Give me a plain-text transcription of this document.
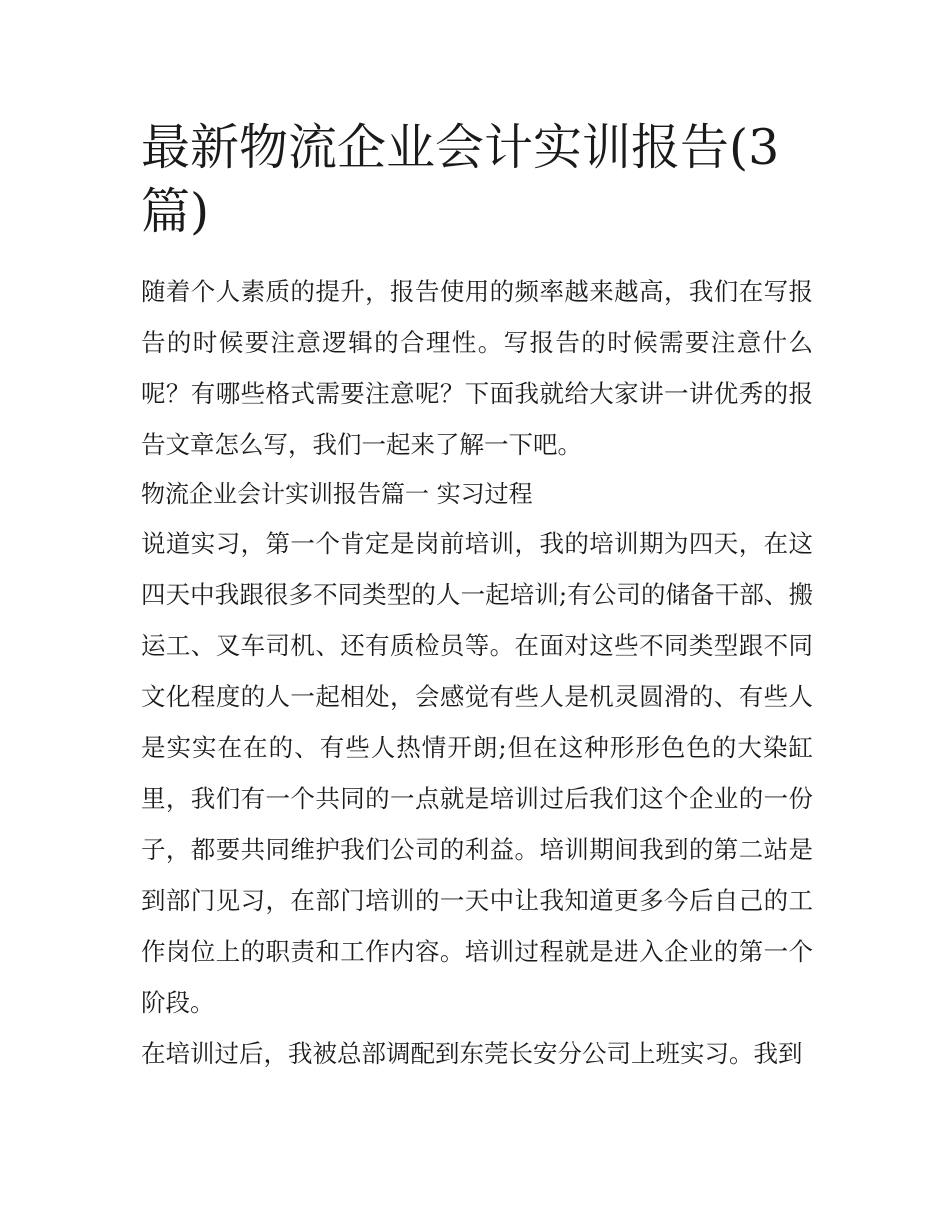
最新物流企业会计实训报告(3篇)

随着个人素质的提升，报告使用的频率越来越高，我们在写报告的时候要注意逻辑的合理性。写报告的时候需要注意什么呢？有哪些格式需要注意呢？下面我就给大家讲一讲优秀的报告文章怎么写，我们一起来了解一下吧。

物流企业会计实训报告篇一 实习过程

说道实习，第一个肯定是岗前培训，我的培训期为四天，在这四天中我跟很多不同类型的人一起培训;有公司的储备干部、搬运工、叉车司机、还有质检员等。在面对这些不同类型跟不同文化程度的人一起相处，会感觉有些人是机灵圆滑的、有些人是实实在在的、有些人热情开朗;但在这种形形色色的大染缸里，我们有一个共同的一点就是培训过后我们这个企业的一份子，都要共同维护我们公司的利益。培训期间我到的第二站是到部门见习，在部门培训的一天中让我知道更多今后自己的工作岗位上的职责和工作内容。培训过程就是进入企业的第一个阶段。

在培训过后，我被总部调配到东莞长安分公司上班实习。我到
